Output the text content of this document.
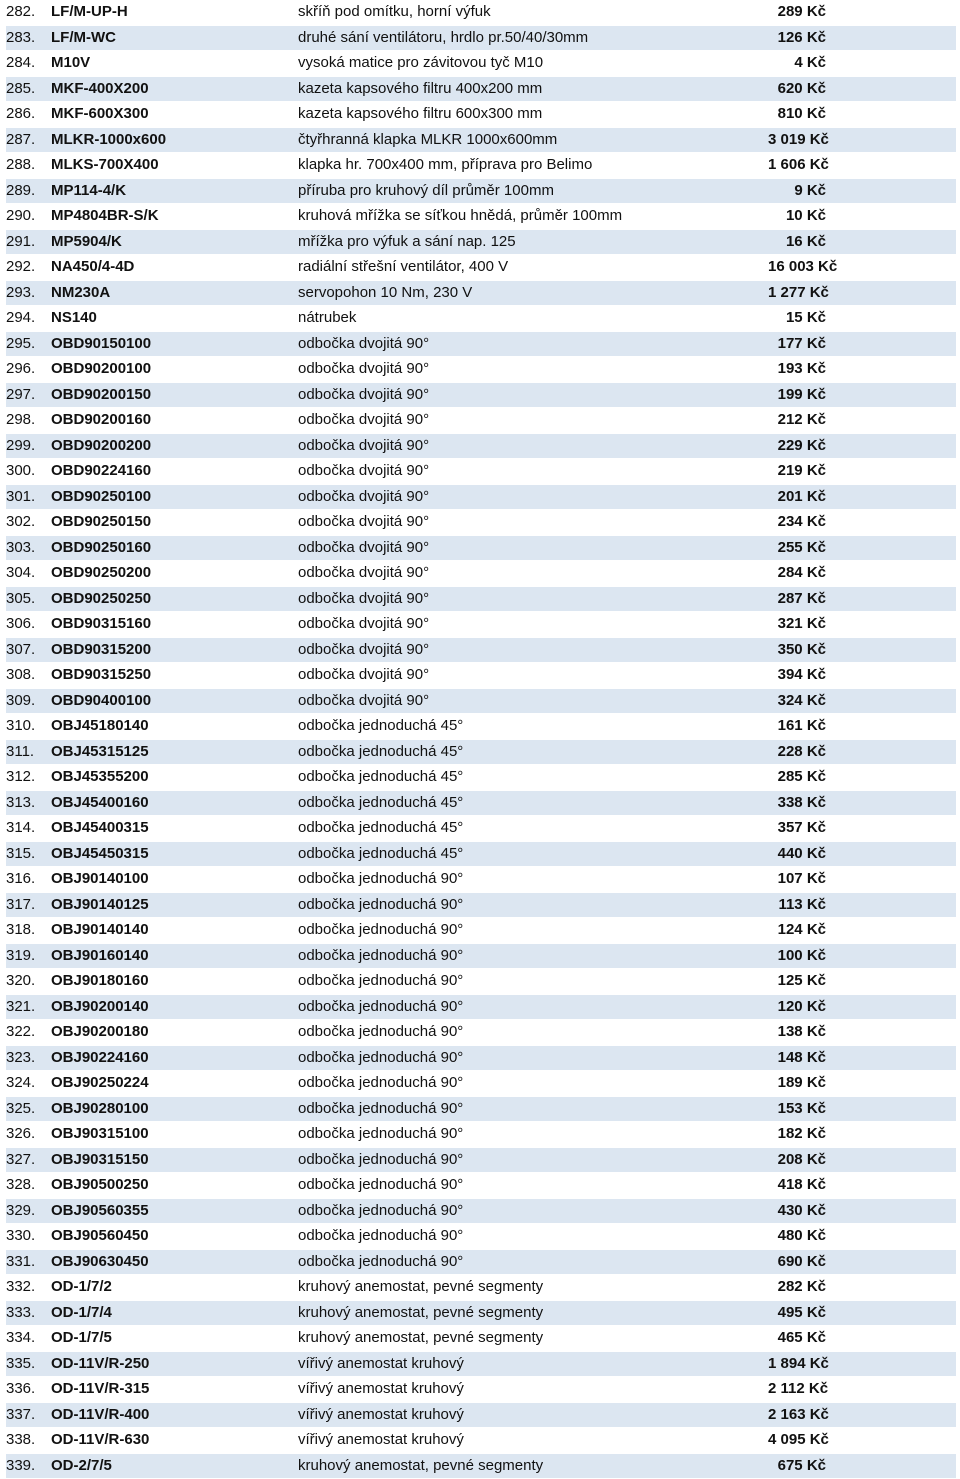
282.	LF/M-UP-H	skříň pod omítku, horní výfuk	289 Kč	
283.	LF/M-WC	druhé sání ventilátoru, hrdlo pr.50/40/30mm	126 Kč	
284.	M10V	vysoká matice pro závitovou tyč M10	4 Kč	
285.	MKF-400X200	kazeta kapsového filtru 400x200 mm	620 Kč	
286.	MKF-600X300	kazeta kapsového filtru 600x300 mm	810 Kč	
287.	MLKR-1000x600	čtyřhranná klapka MLKR 1000x600mm	3 019 Kč	
288.	MLKS-700X400	klapka hr. 700x400 mm, příprava pro Belimo	1 606 Kč	
289.	MP114-4/K	příruba pro kruhový díl průměr 100mm	9 Kč	
290.	MP4804BR-S/K	kruhová mřížka se síťkou hnědá, průměr 100mm	10 Kč	
291.	MP5904/K	mřížka pro výfuk a sání nap. 125	16 Kč	
292.	NA450/4-4D	radiální střešní ventilátor, 400 V	16 003 Kč	
293.	NM230A	servopohon 10 Nm, 230 V	1 277 Kč	
294.	NS140	nátrubek	15 Kč	
295.	OBD90150100	odbočka dvojitá 90°	177 Kč	
296.	OBD90200100	odbočka dvojitá 90°	193 Kč	
297.	OBD90200150	odbočka dvojitá 90°	199 Kč	
298.	OBD90200160	odbočka dvojitá 90°	212 Kč	
299.	OBD90200200	odbočka dvojitá 90°	229 Kč	
300.	OBD90224160	odbočka dvojitá 90°	219 Kč	
301.	OBD90250100	odbočka dvojitá 90°	201 Kč	
302.	OBD90250150	odbočka dvojitá 90°	234 Kč	
303.	OBD90250160	odbočka dvojitá 90°	255 Kč	
304.	OBD90250200	odbočka dvojitá 90°	284 Kč	
305.	OBD90250250	odbočka dvojitá 90°	287 Kč	
306.	OBD90315160	odbočka dvojitá 90°	321 Kč	
307.	OBD90315200	odbočka dvojitá 90°	350 Kč	
308.	OBD90315250	odbočka dvojitá 90°	394 Kč	
309.	OBD90400100	odbočka dvojitá 90°	324 Kč	
310.	OBJ45180140	odbočka jednoduchá 45°	161 Kč	
311.	OBJ45315125	odbočka jednoduchá 45°	228 Kč	
312.	OBJ45355200	odbočka jednoduchá 45°	285 Kč	
313.	OBJ45400160	odbočka jednoduchá 45°	338 Kč	
314.	OBJ45400315	odbočka jednoduchá 45°	357 Kč	
315.	OBJ45450315	odbočka jednoduchá 45°	440 Kč	
316.	OBJ90140100	odbočka jednoduchá 90°	107 Kč	
317.	OBJ90140125	odbočka jednoduchá 90°	113 Kč	
318.	OBJ90140140	odbočka jednoduchá 90°	124 Kč	
319.	OBJ90160140	odbočka jednoduchá 90°	100 Kč	
320.	OBJ90180160	odbočka jednoduchá 90°	125 Kč	
321.	OBJ90200140	odbočka jednoduchá 90°	120 Kč	
322.	OBJ90200180	odbočka jednoduchá 90°	138 Kč	
323.	OBJ90224160	odbočka jednoduchá 90°	148 Kč	
324.	OBJ90250224	odbočka jednoduchá 90°	189 Kč	
325.	OBJ90280100	odbočka jednoduchá 90°	153 Kč	
326.	OBJ90315100	odbočka jednoduchá 90°	182 Kč	
327.	OBJ90315150	odbočka jednoduchá 90°	208 Kč	
328.	OBJ90500250	odbočka jednoduchá 90°	418 Kč	
329.	OBJ90560355	odbočka jednoduchá 90°	430 Kč	
330.	OBJ90560450	odbočka jednoduchá 90°	480 Kč	
331.	OBJ90630450	odbočka jednoduchá 90°	690 Kč	
332.	OD-1/7/2	kruhový anemostat, pevné segmenty	282 Kč	
333.	OD-1/7/4	kruhový anemostat, pevné segmenty	495 Kč	
334.	OD-1/7/5	kruhový anemostat, pevné segmenty	465 Kč	
335.	OD-11V/R-250	vířivý anemostat kruhový	1 894 Kč	
336.	OD-11V/R-315	vířivý anemostat kruhový	2 112 Kč	
337.	OD-11V/R-400	vířivý anemostat kruhový	2 163 Kč	
338.	OD-11V/R-630	vířivý anemostat kruhový	4 095 Kč	
339.	OD-2/7/5	kruhový anemostat, pevné segmenty	675 Kč	
